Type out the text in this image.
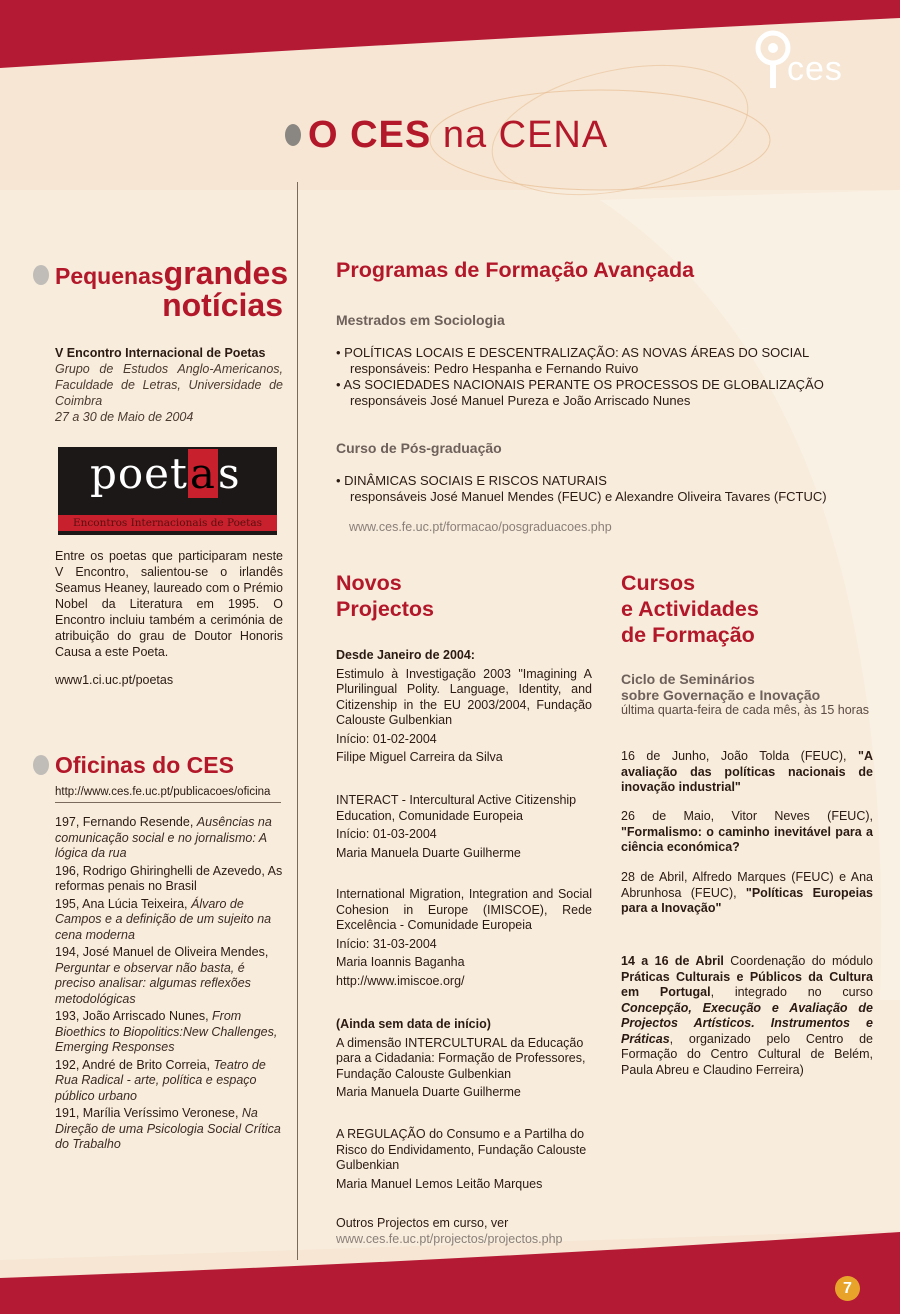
ces
O CES na CENA
Pequenasgrandes
notícias
V Encontro Internacional de Poetas
Grupo de Estudos Anglo-Americanos, Faculdade de Letras, Universidade de Coimbra
27 a 30 de Maio de 2004
poetas
Encontros Internacionais de Poetas
Entre os poetas que participaram neste V Encontro, salientou-se o irlandês Seamus Heaney, laureado com o Prémio Nobel da Literatura em 1995. O Encontro incluiu também a cerimónia de atribuição do grau de Doutor Honoris Causa a este Poeta.
www1.ci.uc.pt/poetas
Oficinas do CES
http://www.ces.fe.uc.pt/publicacoes/oficina
197, Fernando Resende, Ausências na comunicação social e no jornalismo: A lógica da rua
196, Rodrigo Ghiringhelli de Azevedo, As reformas penais no Brasil
195, Ana Lúcia Teixeira, Álvaro de Campos e a definição de um sujeito na cena moderna
194, José Manuel de Oliveira Mendes, Perguntar e observar não basta, é preciso analisar: algumas reflexões metodológicas
193, João Arriscado Nunes, From Bioethics to Biopolitics:New Challenges, Emerging Responses
192, André de Brito Correia, Teatro de Rua Radical - arte, política e espaço público urbano
191, Marília Veríssimo Veronese, Na Direção de uma Psicologia Social Crítica do Trabalho
Programas de Formação Avançada
Mestrados em Sociologia
• POLÍTICAS LOCAIS E DESCENTRALIZAÇÃO: AS NOVAS ÁREAS DO SOCIAL
responsáveis: Pedro Hespanha e Fernando Ruivo
• AS SOCIEDADES NACIONAIS PERANTE OS PROCESSOS DE GLOBALIZAÇÃO
responsáveis José Manuel Pureza e João Arriscado Nunes
Curso de Pós-graduação
• DINÂMICAS SOCIAIS E RISCOS NATURAIS
responsáveis José Manuel Mendes (FEUC) e Alexandre Oliveira Tavares (FCTUC)
www.ces.fe.uc.pt/formacao/posgraduacoes.php
Novos
Projectos

Desde Janeiro de 2004:

Estimulo à Investigação 2003 "Imagining A Plurilingual Polity. Language, Identity, and Citizenship in the EU 2003/2004, Fundação Calouste Gulbenkian

Início: 01-02-2004

Filipe Miguel Carreira da Silva

INTERACT - Intercultural Active Citizenship Education, Comunidade Europeia

Início: 01-03-2004

Maria Manuela Duarte Guilherme

International Migration, Integration and Social Cohesion in Europe (IMISCOE), Rede Excelência - Comunidade Europeia

Início: 31-03-2004

Maria Ioannis Baganha

http://www.imiscoe.org/

(Ainda sem data de início)

A dimensão INTERCULTURAL da Educação para a Cidadania: Formação de Professores, Fundação Calouste Gulbenkian

Maria Manuela Duarte Guilherme

A REGULAÇÃO do Consumo e a Partilha do Risco do Endividamento, Fundação Calouste Gulbenkian

Maria Manuel Lemos Leitão Marques

Outros Projectos em curso, ver

www.ces.fe.uc.pt/projectos/projectos.php

Cursos
e Actividades
de Formação

Ciclo de Seminários

sobre Governação e Inovação

última quarta-feira de cada mês, às 15 horas

16 de Junho, João Tolda (FEUC), "A avaliação das políticas nacionais de inovação industrial"
26 de Maio, Vitor Neves (FEUC), "Formalismo: o caminho inevitável para a ciência económica?
28 de Abril, Alfredo Marques (FEUC) e Ana Abrunhosa (FEUC), "Políticas Europeias para a Inovação"
14 a 16 de Abril Coordenação do módulo Práticas Culturais e Públicos da Cultura em Portugal, integrado no curso Concepção, Execução e Avaliação de Projectos Artísticos. Instrumentos e Práticas, organizado pelo Centro de Formação do Centro Cultural de Belém, Paula Abreu e Claudino Ferreira)
7
